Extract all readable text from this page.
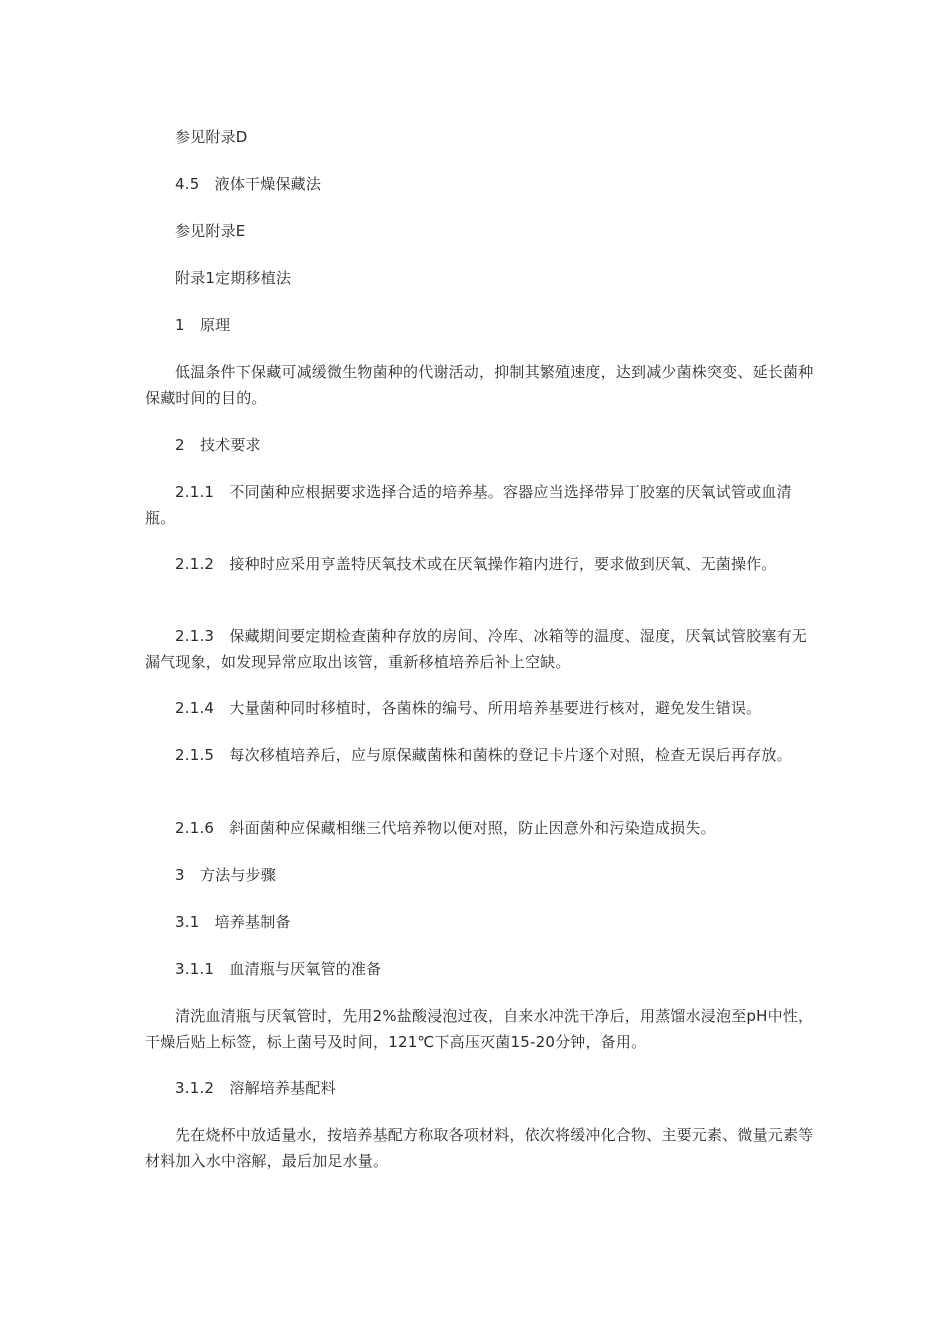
参见附录D

4.5　液体干燥保藏法

参见附录E

附录1定期移植法

1　原理

低温条件下保藏可减缓微生物菌种的代谢活动，抑制其繁殖速度，达到减少菌株突变、延长菌种保藏时间的目的。

2　技术要求

2.1.1　不同菌种应根据要求选择合适的培养基。容器应当选择带异丁胶塞的厌氧试管或血清瓶。

2.1.2　接种时应采用亨盖特厌氧技术或在厌氧操作箱内进行，要求做到厌氧、无菌操作。

2.1.3　保藏期间要定期检查菌种存放的房间、冷库、冰箱等的温度、湿度，厌氧试管胶塞有无漏气现象，如发现异常应取出该管，重新移植培养后补上空缺。

2.1.4　大量菌种同时移植时，各菌株的编号、所用培养基要进行核对，避免发生错误。

2.1.5　每次移植培养后，应与原保藏菌株和菌株的登记卡片逐个对照，检查无误后再存放。

2.1.6　斜面菌种应保藏相继三代培养物以便对照，防止因意外和污染造成损失。

3　方法与步骤

3.1　培养基制备

3.1.1　血清瓶与厌氧管的准备

清洗血清瓶与厌氧管时，先用2%盐酸浸泡过夜，自来水冲洗干净后，用蒸馏水浸泡至pH中性，干燥后贴上标签，标上菌号及时间，121℃下高压灭菌15-20分钟，备用。

3.1.2　溶解培养基配料

先在烧杯中放适量水，按培养基配方称取各项材料，依次将缓冲化合物、主要元素、微量元素等材料加入水中溶解，最后加足水量。
